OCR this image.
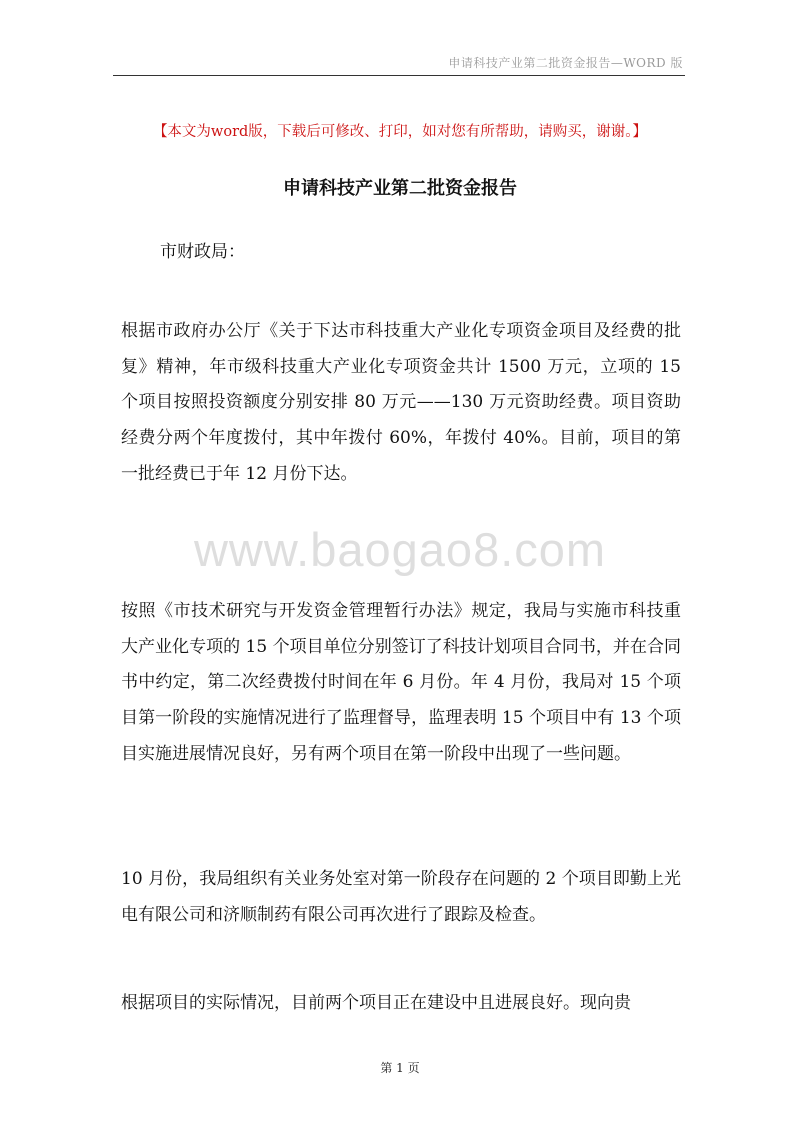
申请科技产业第二批资金报告—WORD 版
【本文为word版，下载后可修改、打印，如对您有所帮助，请购买，谢谢。】
申请科技产业第二批资金报告
市财政局：
根据市政府办公厅《关于下达市科技重大产业化专项资金项目及经费的批复》精神，年市级科技重大产业化专项资金共计 1500 万元，立项的 15 个项目按照投资额度分别安排 80 万元——130 万元资助经费。项目资助经费分两个年度拨付，其中年拨付 60%，年拨付 40%。目前，项目的第一批经费已于年 12 月份下达。
www.baogao8.com
按照《市技术研究与开发资金管理暂行办法》规定，我局与实施市科技重大产业化专项的 15 个项目单位分别签订了科技计划项目合同书，并在合同书中约定，第二次经费拨付时间在年 6 月份。年 4 月份，我局对 15 个项目第一阶段的实施情况进行了监理督导，监理表明 15 个项目中有 13 个项目实施进展情况良好，另有两个项目在第一阶段中出现了一些问题。
10 月份，我局组织有关业务处室对第一阶段存在问题的 2 个项目即勤上光电有限公司和济顺制药有限公司再次进行了跟踪及检查。
根据项目的实际情况，目前两个项目正在建设中且进展良好。现向贵
第 1 页
